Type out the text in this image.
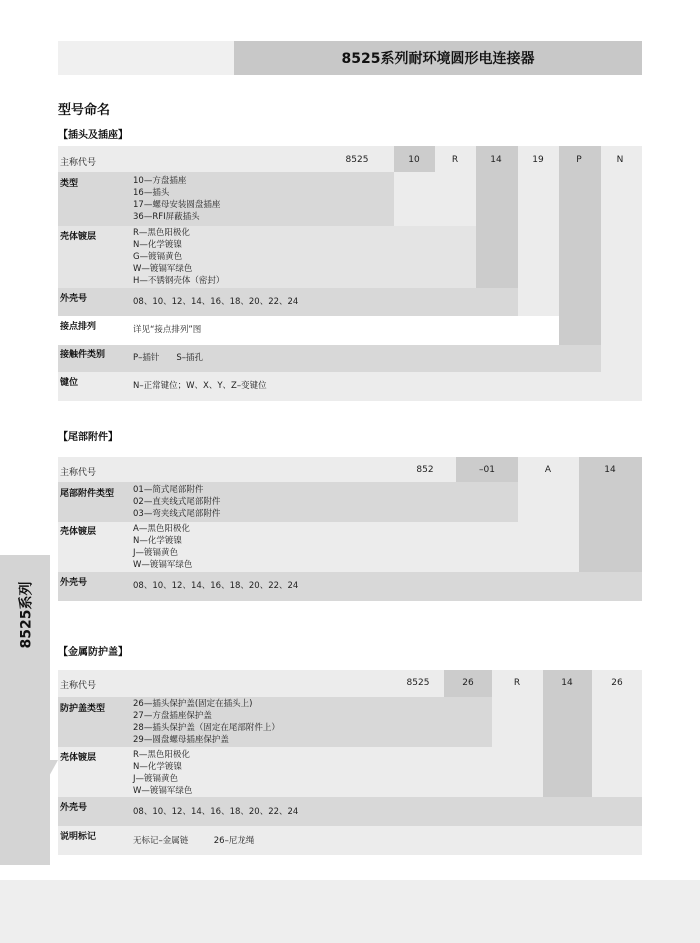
8525系列耐环境圆形电连接器
型号命名
8525系列
【插头及插座】
主称代号	8525	10	R	14	19	P	N
类型	10—方盘插座
16—插头
17—螺母安装圆盘插座
36—RFI屏蔽插头
壳体镀层	R—黑色阳极化
N—化学镀镍
G—镀镉黄色
W—镀镉军绿色
H—不锈钢壳体（密封）
外壳号	08、10、12、14、16、18、20、22、24
接点排列	详见“接点排列”图
接触件类别	P–插针　　S–插孔
键位	N–正常键位；W、X、Y、Z–变键位
【尾部附件】
主称代号	852	–01	A	14
尾部附件类型 01—简式尾部附件
02—直夹线式尾部附件
03—弯夹线式尾部附件
壳体镀层	A—黑色阳极化
N—化学镀镍
J—镀镉黄色
W—镀镉军绿色
外壳号	08、10、12、14、16、18、20、22、24
【金属防护盖】
主称代号	8525	26	R	14	26
防护盖类型	26—插头保护盖(固定在插头上)
27—方盘插座保护盖
28—插头保护盖（固定在尾部附件上）
29—圆盘螺母插座保护盖
壳体镀层	R—黑色阳极化
N—化学镀镍
J—镀镉黄色
W—镀镉军绿色
外壳号	08、10、12、14、16、18、20、22、24
说明标记	无标记–金属链　　　26–尼龙绳
